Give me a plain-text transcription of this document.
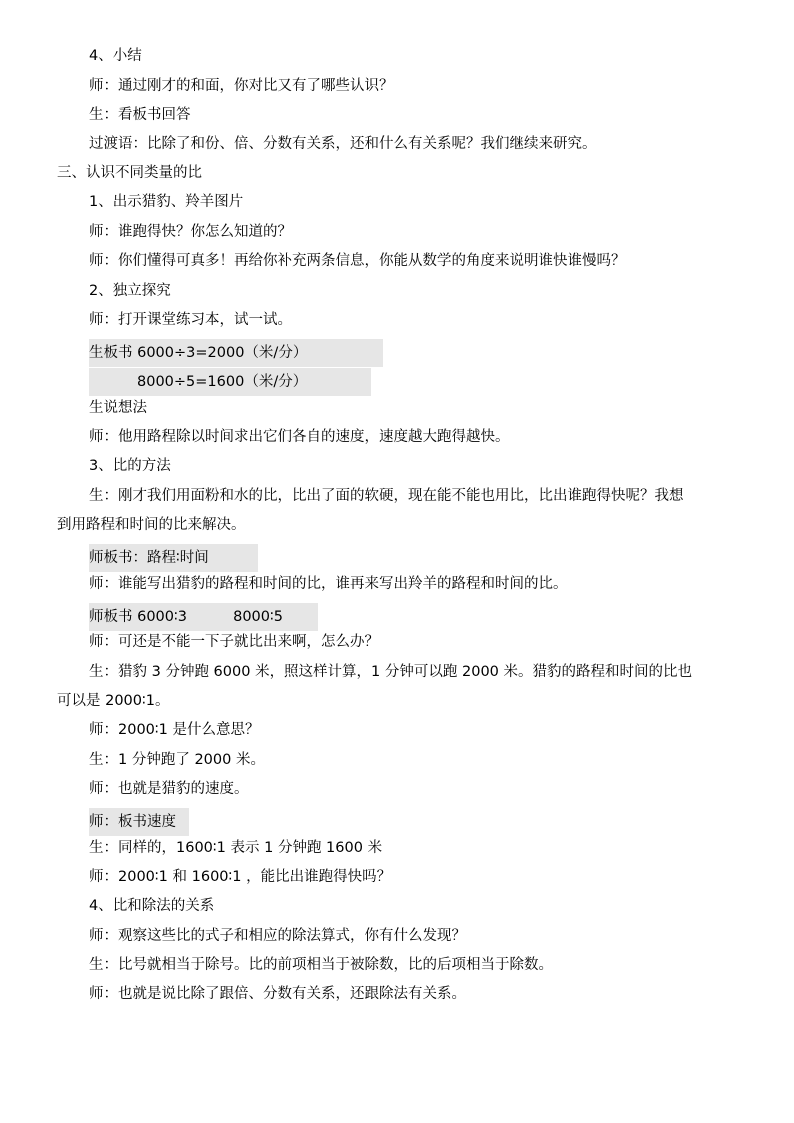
4、小结
师：通过刚才的和面，你对比又有了哪些认识？
生：看板书回答
过渡语：比除了和份、倍、分数有关系，还和什么有关系呢？我们继续来研究。
三、认识不同类量的比
1、出示猎豹、羚羊图片
师：谁跑得快？你怎么知道的？
师：你们懂得可真多！再给你补充两条信息，你能从数学的角度来说明谁快谁慢吗？
2、独立探究
师：打开课堂练习本，试一试。
生板书 6000÷3=2000（米/分）
8000÷5=1600（米/分）
生说想法
师：他用路程除以时间求出它们各自的速度，速度越大跑得越快。
3、比的方法
生：刚才我们用面粉和水的比，比出了面的软硬，现在能不能也用比，比出谁跑得快呢？我想
到用路程和时间的比来解决。
师板书：路程∶时间
师：谁能写出猎豹的路程和时间的比，谁再来写出羚羊的路程和时间的比。
师板书 6000∶3          8000∶5
师：可还是不能一下子就比出来啊，怎么办？
生：猎豹 3 分钟跑 6000 米，照这样计算，1 分钟可以跑 2000 米。猎豹的路程和时间的比也
可以是 2000∶1。
师：2000∶1 是什么意思？
生：1 分钟跑了 2000 米。
师：也就是猎豹的速度。
师：板书速度
生：同样的，1600∶1 表示 1 分钟跑 1600 米
师：2000∶1 和 1600∶1 ，能比出谁跑得快吗？
4、比和除法的关系
师：观察这些比的式子和相应的除法算式，你有什么发现？
生：比号就相当于除号。比的前项相当于被除数，比的后项相当于除数。
师：也就是说比除了跟倍、分数有关系，还跟除法有关系。
